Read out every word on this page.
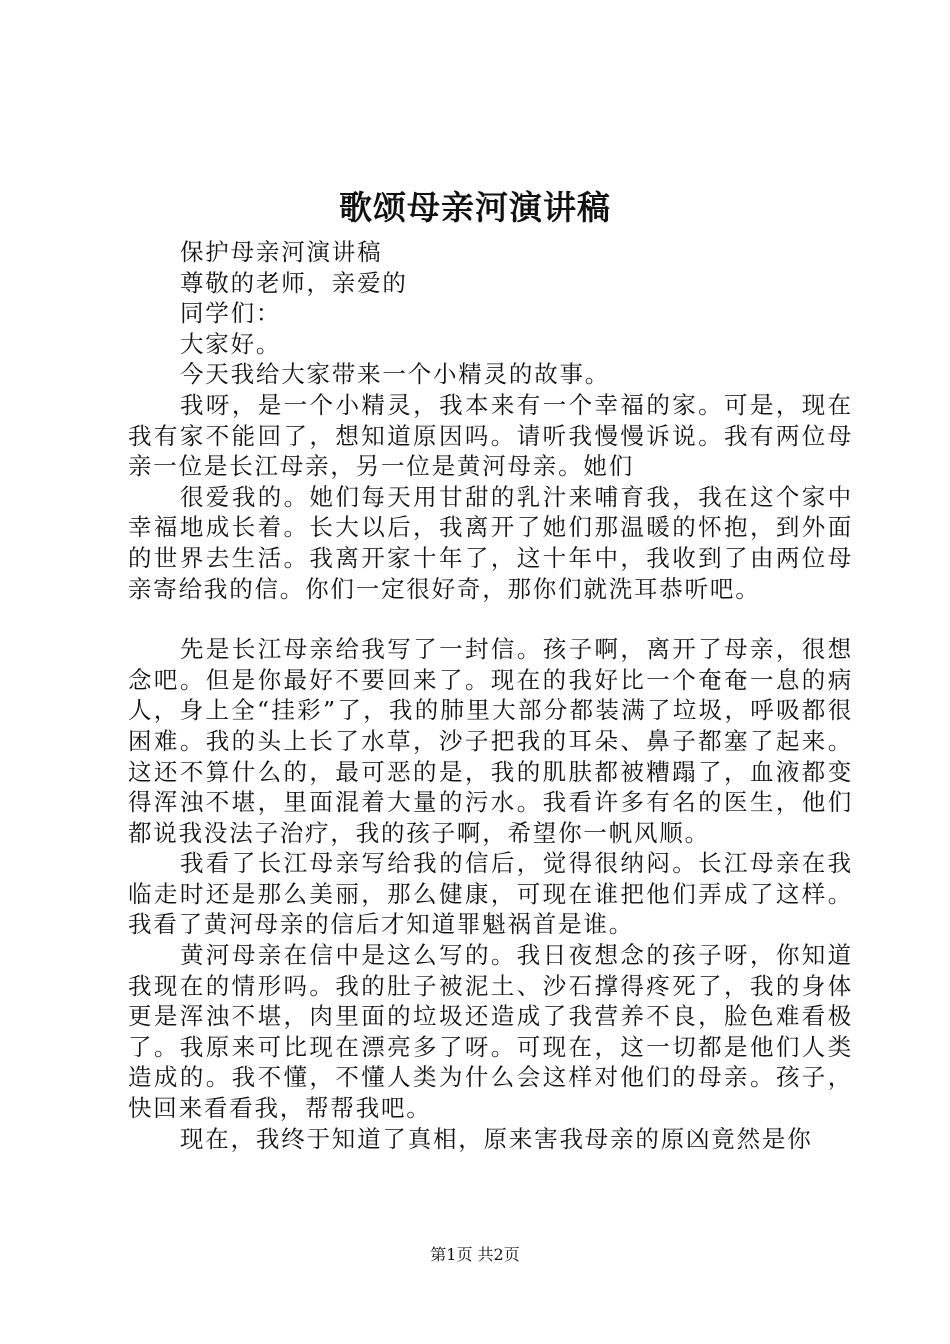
歌颂母亲河演讲稿

保护母亲河演讲稿

尊敬的老师，亲爱的

同学们：

大家好。

今天我给大家带来一个小精灵的故事。

我呀，是一个小精灵，我本来有一个幸福的家。可是，现在我有家不能回了，想知道原因吗。请听我慢慢诉说。我有两位母亲一位是长江母亲，另一位是黄河母亲。她们

很爱我的。她们每天用甘甜的乳汁来哺育我，我在这个家中幸福地成长着。长大以后，我离开了她们那温暖的怀抱，到外面的世界去生活。我离开家十年了，这十年中，我收到了由两位母亲寄给我的信。你们一定很好奇，那你们就洗耳恭听吧。

先是长江母亲给我写了一封信。孩子啊，离开了母亲，很想念吧。但是你最好不要回来了。现在的我好比一个奄奄一息的病人，身上全“挂彩”了，我的肺里大部分都装满了垃圾，呼吸都很困难。我的头上长了水草，沙子把我的耳朵、鼻子都塞了起来。这还不算什么的，最可恶的是，我的肌肤都被糟蹋了，血液都变得浑浊不堪，里面混着大量的污水。我看许多有名的医生，他们都说我没法子治疗，我的孩子啊，希望你一帆风顺。

我看了长江母亲写给我的信后，觉得很纳闷。长江母亲在我临走时还是那么美丽，那么健康，可现在谁把他们弄成了这样。我看了黄河母亲的信后才知道罪魁祸首是谁。

黄河母亲在信中是这么写的。我日夜想念的孩子呀，你知道我现在的情形吗。我的肚子被泥土、沙石撑得疼死了，我的身体更是浑浊不堪，肉里面的垃圾还造成了我营养不良，脸色难看极了。我原来可比现在漂亮多了呀。可现在，这一切都是他们人类造成的。我不懂，不懂人类为什么会这样对他们的母亲。孩子，快回来看看我，帮帮我吧。

现在，我终于知道了真相，原来害我母亲的原凶竟然是你

第1页 共2页
